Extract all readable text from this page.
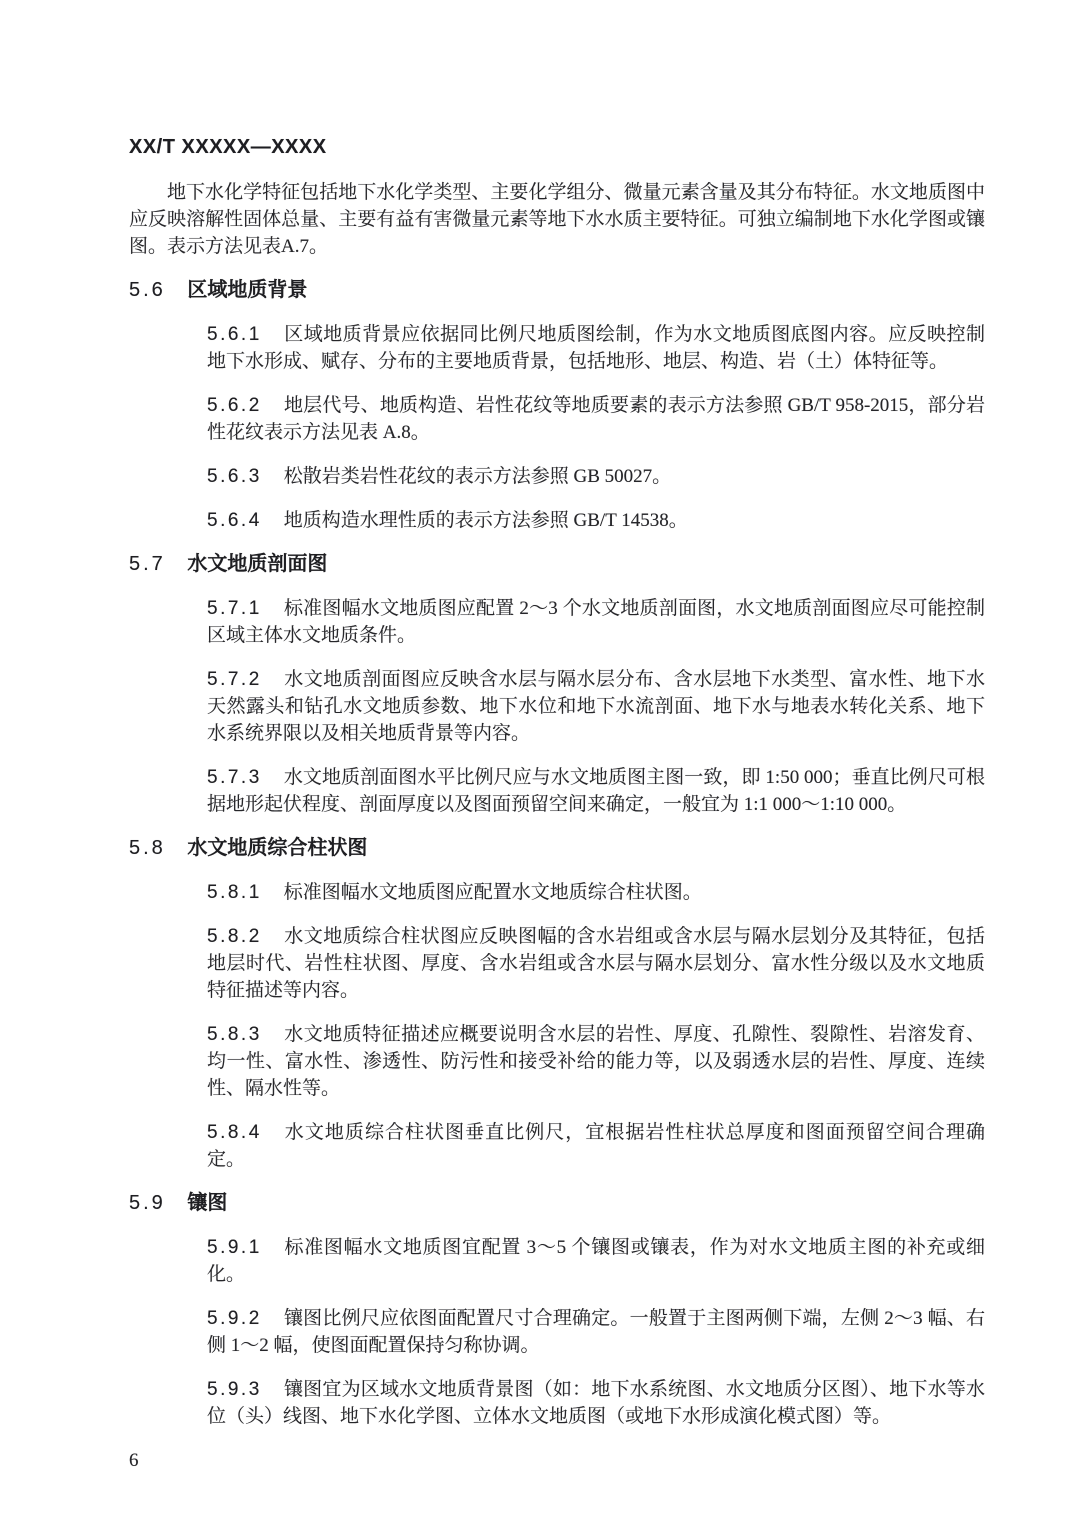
XX/T XXXXX—XXXX

地下水化学特征包括地下水化学类型、主要化学组分、微量元素含量及其分布特征。水文地质图中应反映溶解性固体总量、主要有益有害微量元素等地下水水质主要特征。可独立编制地下水化学图或镶图。表示方法见表A.7。

5.6 区域地质背景

5.6.1 区域地质背景应依据同比例尺地质图绘制，作为水文地质图底图内容。应反映控制地下水形成、赋存、分布的主要地质背景，包括地形、地层、构造、岩（土）体特征等。

5.6.2 地层代号、地质构造、岩性花纹等地质要素的表示方法参照 GB/T 958-2015，部分岩性花纹表示方法见表 A.8。

5.6.3 松散岩类岩性花纹的表示方法参照 GB 50027。

5.6.4 地质构造水理性质的表示方法参照 GB/T 14538。

5.7 水文地质剖面图

5.7.1 标准图幅水文地质图应配置 2～3 个水文地质剖面图，水文地质剖面图应尽可能控制区域主体水文地质条件。

5.7.2 水文地质剖面图应反映含水层与隔水层分布、含水层地下水类型、富水性、地下水天然露头和钻孔水文地质参数、地下水位和地下水流剖面、地下水与地表水转化关系、地下水系统界限以及相关地质背景等内容。

5.7.3 水文地质剖面图水平比例尺应与水文地质图主图一致，即 1:50 000；垂直比例尺可根据地形起伏程度、剖面厚度以及图面预留空间来确定，一般宜为 1:1 000～1:10 000。

5.8 水文地质综合柱状图

5.8.1 标准图幅水文地质图应配置水文地质综合柱状图。

5.8.2 水文地质综合柱状图应反映图幅的含水岩组或含水层与隔水层划分及其特征，包括地层时代、岩性柱状图、厚度、含水岩组或含水层与隔水层划分、富水性分级以及水文地质特征描述等内容。

5.8.3 水文地质特征描述应概要说明含水层的岩性、厚度、孔隙性、裂隙性、岩溶发育、均一性、富水性、渗透性、防污性和接受补给的能力等，以及弱透水层的岩性、厚度、连续性、隔水性等。

5.8.4 水文地质综合柱状图垂直比例尺，宜根据岩性柱状总厚度和图面预留空间合理确定。

5.9 镶图

5.9.1 标准图幅水文地质图宜配置 3～5 个镶图或镶表，作为对水文地质主图的补充或细化。

5.9.2 镶图比例尺应依图面配置尺寸合理确定。一般置于主图两侧下端，左侧 2～3 幅、右侧 1～2 幅，使图面配置保持匀称协调。

5.9.3 镶图宜为区域水文地质背景图（如：地下水系统图、水文地质分区图）、地下水等水位（头）线图、地下水化学图、立体水文地质图（或地下水形成演化模式图）等。

6
